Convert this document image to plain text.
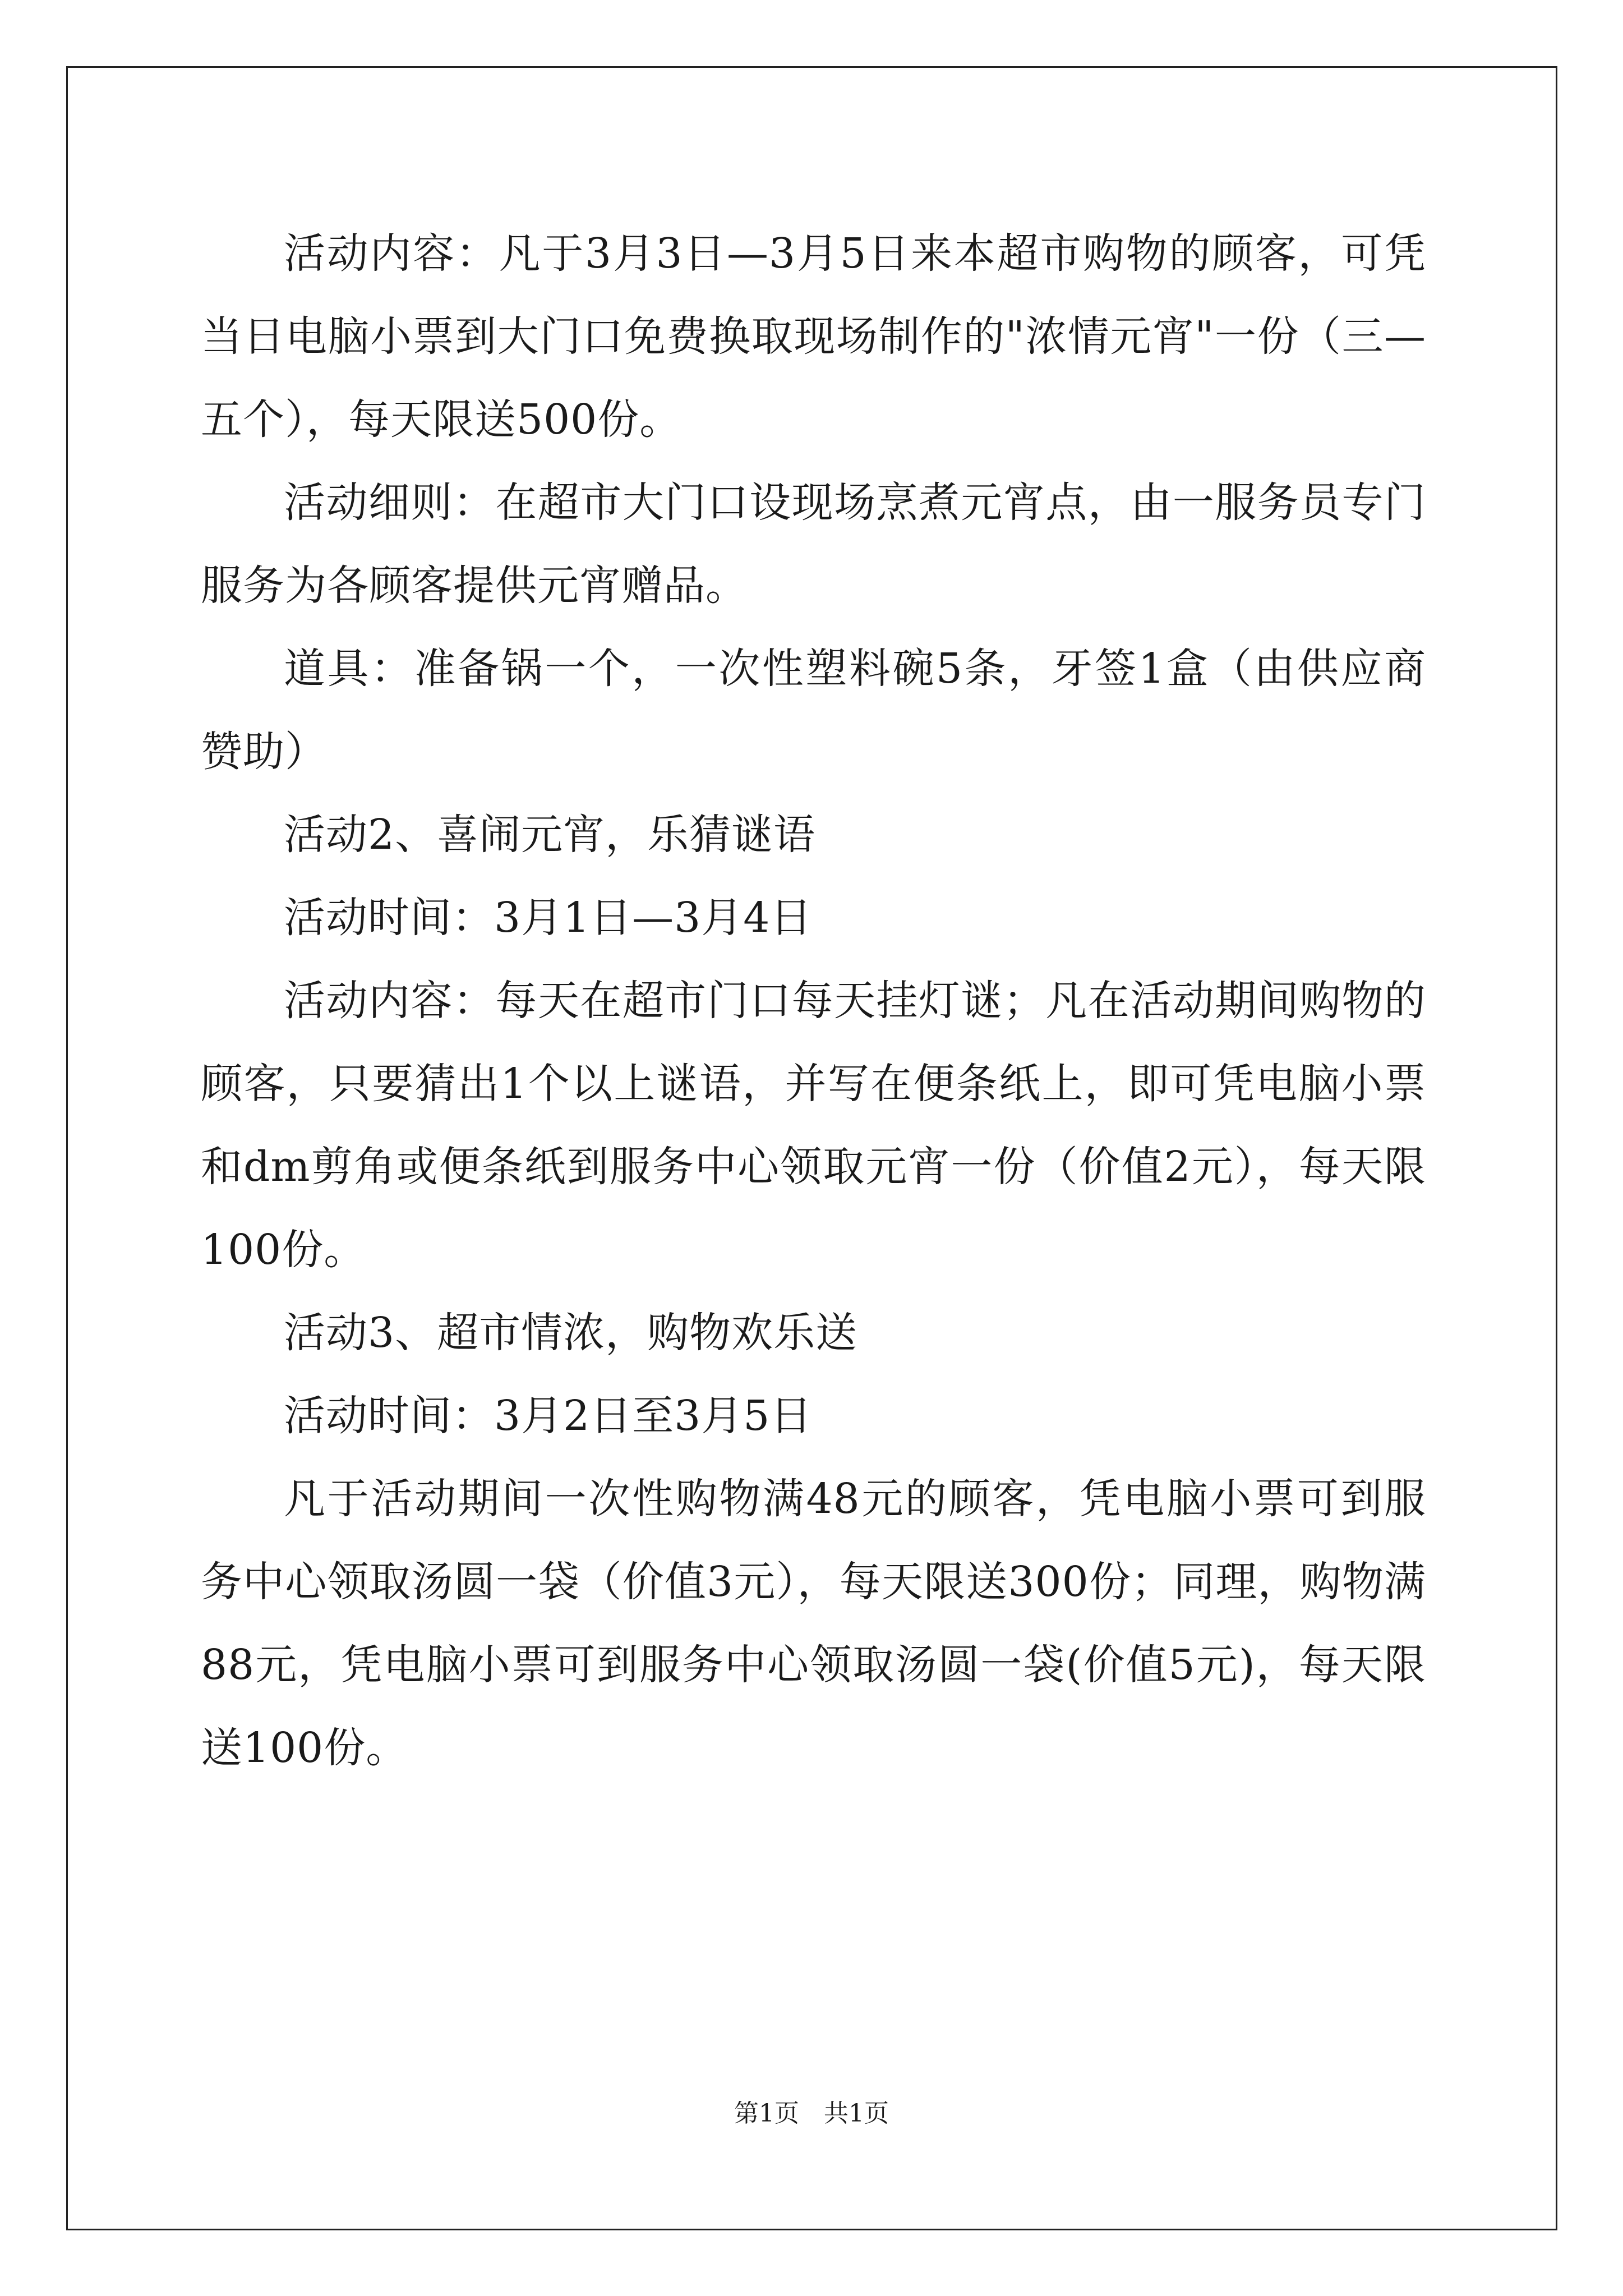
活动内容：凡于3月3日—3月5日来本超市购物的顾客，可凭当日电脑小票到大门口免费换取现场制作的"浓情元宵"一份（三—五个），每天限送500份。

活动细则：在超市大门口设现场烹煮元宵点，由一服务员专门服务为各顾客提供元宵赠品。

道具：准备锅一个，一次性塑料碗5条，牙签1盒（由供应商赞助）

活动2、喜闹元宵，乐猜谜语

活动时间：3月1日—3月4日

活动内容：每天在超市门口每天挂灯谜；凡在活动期间购物的顾客，只要猜出1个以上谜语，并写在便条纸上，即可凭电脑小票和dm剪角或便条纸到服务中心领取元宵一份（价值2元），每天限100份。

活动3、超市情浓，购物欢乐送

活动时间：3月2日至3月5日

凡于活动期间一次性购物满48元的顾客，凭电脑小票可到服务中心领取汤圆一袋（价值3元），每天限送300份；同理，购物满88元，凭电脑小票可到服务中心领取汤圆一袋(价值5元)，每天限送100份。

第1页　共1页
